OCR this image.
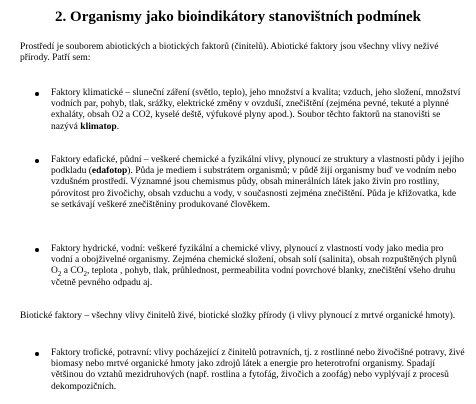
2. Organismy jako bioindikátory stanovištních podmínek

Prostředí je souborem abiotických a biotických faktorů (činitelů). Abiotické faktory jsou všechny vlivy neživé přírody. Patří sem:

Faktory klimatické – sluneční záření (světlo, teplo), jeho množství a kvalita; vzduch, jeho složení, množství vodních par, pohyb, tlak, srážky, elektrické změny v ovzduší, znečištění (zejména pevné, tekuté a plynné exhaláty, obsah O2 a CO2, kyselé deště, výfukové plyny apod.). Soubor těchto faktorů na stanovišti se nazývá klimatop.

Faktory edafické, půdní – veškeré chemické a fyzikální vlivy, plynoucí ze struktury a vlastností půdy i jejího podkladu (edafotop). Půda je mediem i substrátem organismů; v půdě žijí organismy buď ve vodním nebo vzdušném prostředí. Významné jsou chemismus půdy, obsah minerálních látek jako živin pro rostliny, pórovitost pro živočichy, obsah vzduchu a vody, v současnosti zejména znečištění. Půda je křižovatka, kde se setkávají veškeré znečištěniny produkované člověkem.

Faktory hydrické, vodní: veškeré fyzikální a chemické vlivy, plynoucí z vlastností vody jako media pro vodní a obojživelné organismy. Zejména chemické složení, obsah solí (salinita), obsah rozpuštěných plynů $O_2$ a $CO_2$, teplota , pohyb, tlak, průhlednost, permeabilita vodní povrchové blanky, znečištění všeho druhu včetně pevného odpadu aj.

Biotické faktory – všechny vlivy činitelů živé, biotické složky přírody (i vlivy plynoucí z mrtvé organické hmoty).

Faktory trofické, potravní: vlivy pocházející z činitelů potravních, tj. z rostlinné nebo živočišné potravy, živé biomasy nebo mrtvé organické hmoty jako zdrojů látek a energie pro heterotrofní organismy. Spadají většinou do vztahů mezidruhových (např. rostlina a fytofág, živočich a zoofág) nebo vyplývají z procesů dekompozičních.
